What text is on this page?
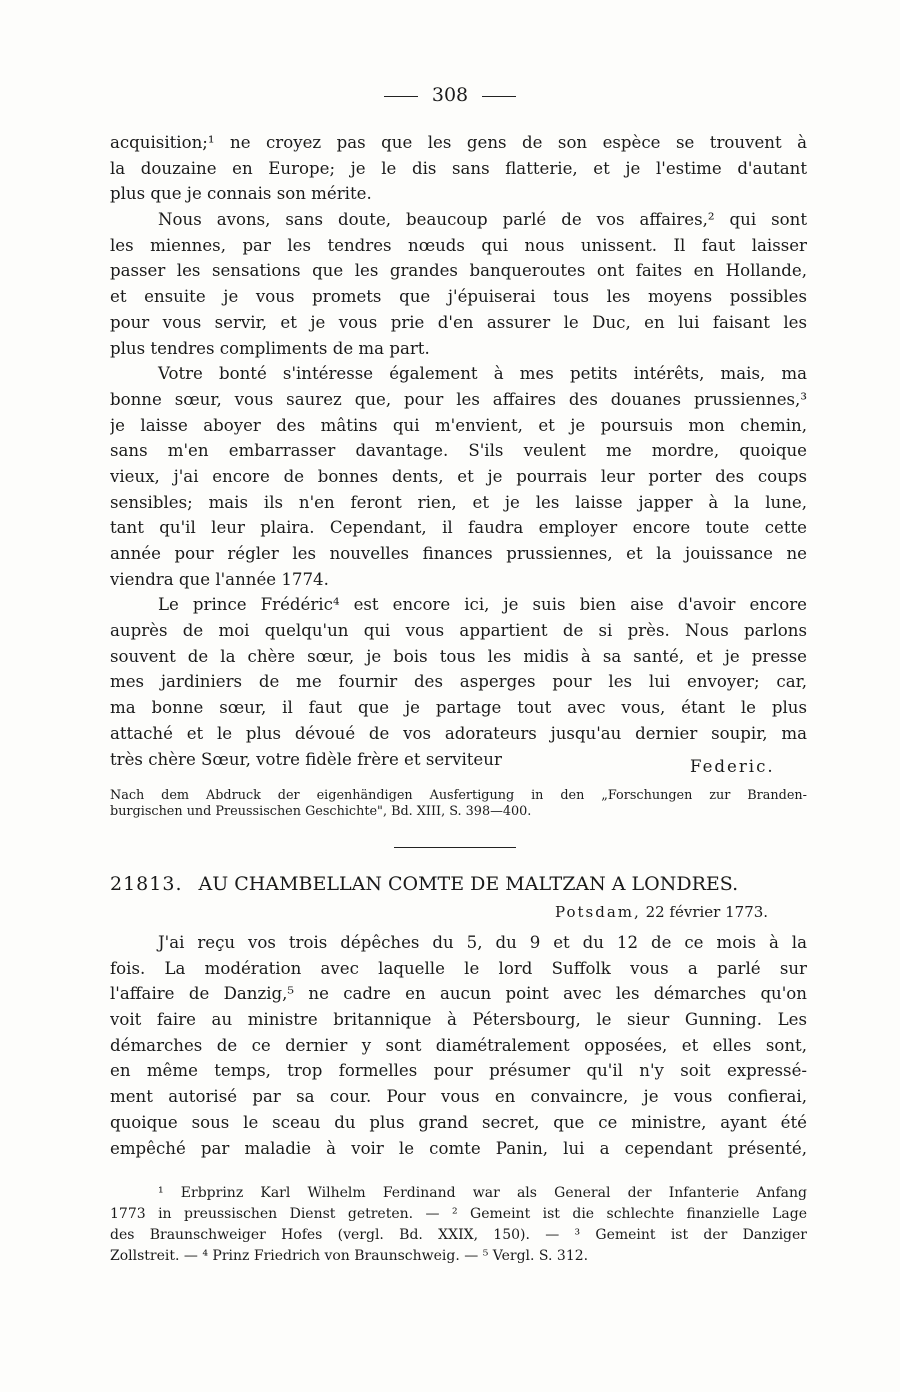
308
acquisition;¹ ne croyez pas que les gens de son espèce se trouvent à
la douzaine en Europe; je le dis sans flatterie, et je l'estime d'autant
plus que je connais son mérite.
Nous avons, sans doute, beaucoup parlé de vos affaires,² qui sont
les miennes, par les tendres nœuds qui nous unissent. Il faut laisser
passer les sensations que les grandes banqueroutes ont faites en Hollande,
et ensuite je vous promets que j'épuiserai tous les moyens possibles
pour vous servir, et je vous prie d'en assurer le Duc, en lui faisant les
plus tendres compliments de ma part.
Votre bonté s'intéresse également à mes petits intérêts, mais, ma
bonne sœur, vous saurez que, pour les affaires des douanes prussiennes,³
je laisse aboyer des mâtins qui m'envient, et je poursuis mon chemin,
sans m'en embarrasser davantage. S'ils veulent me mordre, quoique
vieux, j'ai encore de bonnes dents, et je pourrais leur porter des coups
sensibles; mais ils n'en feront rien, et je les laisse japper à la lune,
tant qu'il leur plaira. Cependant, il faudra employer encore toute cette
année pour régler les nouvelles finances prussiennes, et la jouissance ne
viendra que l'année 1774.
Le prince Frédéric⁴ est encore ici, je suis bien aise d'avoir encore
auprès de moi quelqu'un qui vous appartient de si près. Nous parlons
souvent de la chère sœur, je bois tous les midis à sa santé, et je presse
mes jardiniers de me fournir des asperges pour les lui envoyer; car,
ma bonne sœur, il faut que je partage tout avec vous, étant le plus
attaché et le plus dévoué de vos adorateurs jusqu'au dernier soupir, ma
très chère Sœur, votre fidèle frère et serviteur	Federic.
Nach dem Abdruck der eigenhändigen Ausfertigung in den „Forschungen zur Branden-
burgischen und Preussischen Geschichte", Bd. XIII, S. 398—400.
21813. AU CHAMBELLAN COMTE DE MALTZAN A LONDRES.
Potsdam, 22 février 1773.
J'ai reçu vos trois dépêches du 5, du 9 et du 12 de ce mois à la
fois. La modération avec laquelle le lord Suffolk vous a parlé sur
l'affaire de Danzig,⁵ ne cadre en aucun point avec les démarches qu'on
voit faire au ministre britannique à Pétersbourg, le sieur Gunning. Les
démarches de ce dernier y sont diamétralement opposées, et elles sont,
en même temps, trop formelles pour présumer qu'il n'y soit expressé-
ment autorisé par sa cour. Pour vous en convaincre, je vous confierai,
quoique sous le sceau du plus grand secret, que ce ministre, ayant été
empêché par maladie à voir le comte Panin, lui a cependant présenté,
¹ Erbprinz Karl Wilhelm Ferdinand war als General der Infanterie Anfang
1773 in preussischen Dienst getreten. — ² Gemeint ist die schlechte finanzielle Lage
des Braunschweiger Hofes (vergl. Bd. XXIX, 150). — ³ Gemeint ist der Danziger
Zollstreit. — ⁴ Prinz Friedrich von Braunschweig. — ⁵ Vergl. S. 312.
